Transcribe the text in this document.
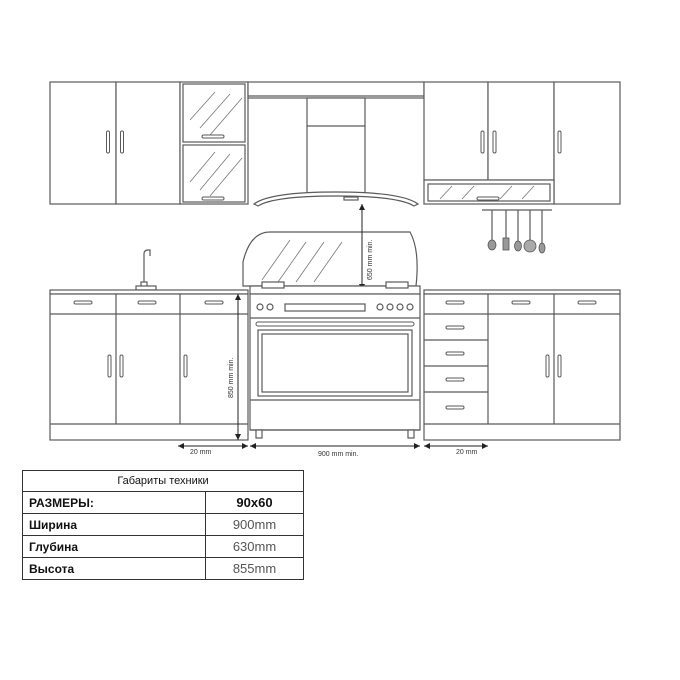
650 mm min.
850 mm min.
20 mm	900 mm min.	20 mm
Габариты техники	
РАЗМЕРЫ:	90x60
Ширина	900mm
Глубина	630mm
Высота	855mm
